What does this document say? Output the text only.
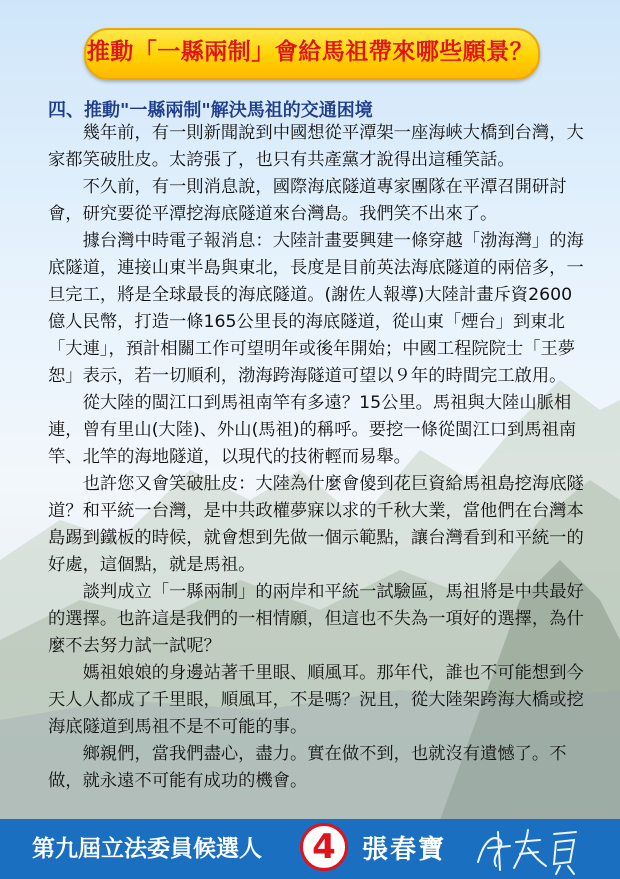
推動「一縣兩制」會給馬祖帶來哪些願景？
四、推動"一縣兩制"解決馬祖的交通困境

幾年前，有一則新聞說到中國想從平潭架一座海峽大橋到台灣，大家都笑破肚皮。太誇張了，也只有共產黨才說得出這種笑話。

不久前，有一則消息說，國際海底隧道專家團隊在平潭召開研討會，研究要從平潭挖海底隧道來台灣島。我們笑不出來了。

據台灣中時電子報消息：大陸計畫要興建一條穿越「渤海灣」的海底隧道，連接山東半島與東北，長度是目前英法海底隧道的兩倍多，一旦完工，將是全球最長的海底隧道。(謝佐人報導)大陸計畫斥資2600億人民幣，打造一條165公里長的海底隧道，從山東「煙台」到東北「大連」，預計相關工作可望明年或後年開始；中國工程院院士「王夢恕」表示，若一切順利，渤海跨海隧道可望以９年的時間完工啟用。

從大陸的閩江口到馬祖南竿有多遠？15公里。馬祖與大陸山脈相連，曾有里山(大陸)、外山(馬祖)的稱呼。要挖一條從閩江口到馬祖南竿、北竿的海地隧道，以現代的技術輕而易舉。

也許您又會笑破肚皮：大陸為什麼會傻到花巨資給馬祖島挖海底隧道？和平統一台灣，是中共政權夢寐以求的千秋大業，當他們在台灣本島踢到鐵板的時候，就會想到先做一個示範點，讓台灣看到和平統一的好處，這個點，就是馬祖。

談判成立「一縣兩制」的兩岸和平統一試驗區，馬祖將是中共最好的選擇。也許這是我們的一相情願，但這也不失為一項好的選擇，為什麼不去努力試一試呢？

媽祖娘娘的身邊站著千里眼、順風耳。那年代，誰也不可能想到今天人人都成了千里眼，順風耳，不是嗎？況且，從大陸架跨海大橋或挖海底隧道到馬祖不是不可能的事。

鄉親們，當我們盡心，盡力。實在做不到，也就沒有遺憾了。不做，就永遠不可能有成功的機會。

第九屆立法委員候選人	4	張春寶
